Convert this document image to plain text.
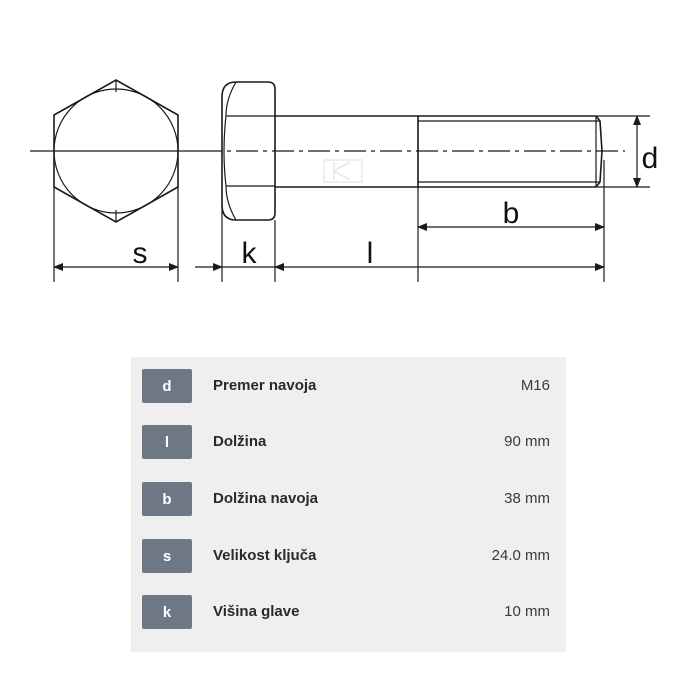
s	k	l
b
d
d	Premer navoja	M16
l	Dolžina	90 mm
b	Dolžina navoja	38 mm
s	Velikost ključa	24.0 mm
k	Višina glave	10 mm
